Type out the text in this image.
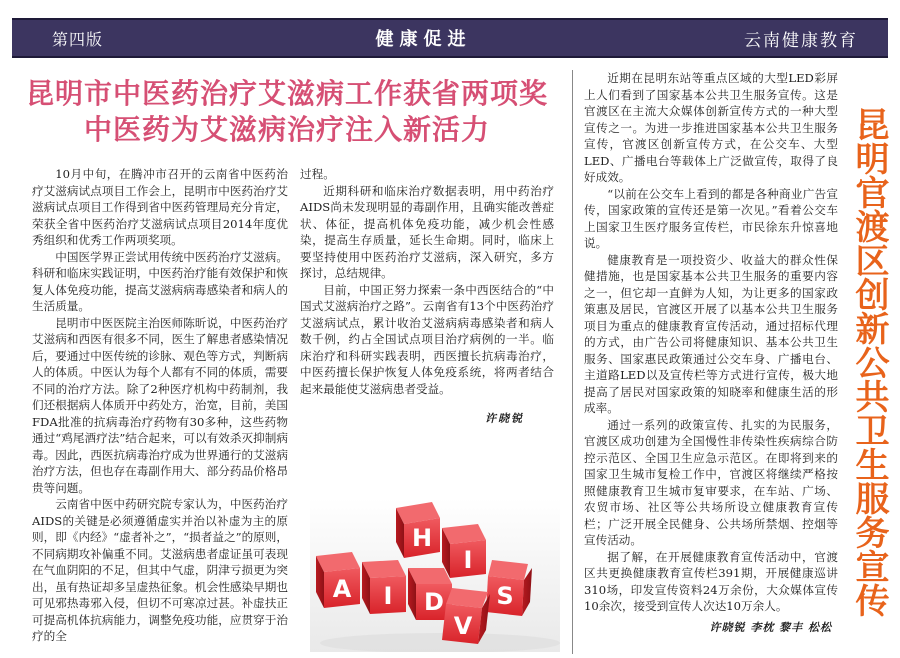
第四版	健康促进	云南健康教育
昆明市中医药治疗艾滋病工作获省两项奖
中医药为艾滋病治疗注入新活力

10月中旬，在腾冲市召开的云南省中医药治疗艾滋病试点项目工作会上，昆明市中医药治疗艾滋病试点项目工作得到省中医药管理局充分肯定，荣获全省中医药治疗艾滋病试点项目2014年度优秀组织和优秀工作两项奖项。

中国医学界正尝试用传统中医药治疗艾滋病。科研和临床实践证明，中医药治疗能有效保护和恢复人体免疫功能，提高艾滋病病毒感染者和病人的生活质量。

昆明市中医医院主治医师陈昕说，中医药治疗艾滋病和西医有很多不同，医生了解患者感染情况后，要通过中医传统的诊脉、观色等方式，判断病人的体质。中医认为每个人都有不同的体质，需要不同的治疗方法。除了2种医疗机构中药制剂，我们还根据病人体质开中药处方，治宽，目前，美国FDA批准的抗病毒治疗药物有30多种，这些药物通过“鸡尾酒疗法”结合起来，可以有效杀灭抑制病毒。因此，西医抗病毒治疗成为世界通行的艾滋病治疗方法，但也存在毒副作用大、部分药品价格昂贵等问题。

云南省中医中药研究院专家认为，中医药治疗AIDS的关键是必须遵循虚实并治以补虚为主的原则，即《内经》“虚者补之”，“损者益之”的原则，不同病期攻补偏重不同。艾滋病患者虚证虽可表现在气血阴阳的不足，但其中气虚，阴津亏损更为突出，虽有热证却多呈虚热征象。机会性感染早期也可见邪热毒邪入侵，但切不可寒凉过甚。补虚扶正可提高机体抗病能力，调整免疫功能，应贯穿于治疗的全

过程。

近期科研和临床治疗数据表明，用中药治疗AIDS尚未发现明显的毒副作用，且确实能改善症状、体征，提高机体免疫功能，减少机会性感染，提高生存质量，延长生命期。同时，临床上要坚持使用中医药治疗艾滋病，深入研究，多方探讨，总结规律。

目前，中国正努力探索一条中西医结合的“中国式艾滋病治疗之路”。云南省有13个中医药治疗艾滋病试点，累计收治艾滋病病毒感染者和病人数千例，约占全国试点项目治疗病例的一半。临床治疗和科研实践表明，西医擅长抗病毒治疗，中医药擅长保护恢复人体免疫系统，将两者结合起来最能使艾滋病患者受益。

许晓锐
H
I
A I D S
V

近期在昆明东站等重点区域的大型LED彩屏上人们看到了国家基本公共卫生服务宣传。这是官渡区在主流大众媒体创新宣传方式的一种大型宣传之一。为进一步推进国家基本公共卫生服务宣传，官渡区创新宣传方式，在公交车、大型LED、广播电台等载体上广泛做宣传，取得了良好成效。

“以前在公交车上看到的都是各种商业广告宣传，国家政策的宣传还是第一次见。”看着公交车上国家卫生医疗服务宣传栏，市民徐东升惊喜地说。

健康教育是一项投资少、收益大的群众性保健措施，也是国家基本公共卫生服务的重要内容之一，但它却一直鲜为人知，为让更多的国家政策惠及居民，官渡区开展了以基本公共卫生服务项目为重点的健康教育宣传活动，通过招标代理的方式，由广告公司将健康知识、基本公共卫生服务、国家惠民政策通过公交车身、广播电台、主道路LED以及宣传栏等方式进行宣传，极大地提高了居民对国家政策的知晓率和健康生活的形成率。

通过一系列的政策宣传、扎实的为民服务，官渡区成功创建为全国慢性非传染性疾病综合防控示范区、全国卫生应急示范区。在即将到来的国家卫生城市复检工作中，官渡区将继续严格按照健康教育卫生城市复审要求，在车站、广场、农贸市场、社区等公共场所设立健康教育宣传栏；广泛开展全民健身、公共场所禁烟、控烟等宣传活动。

据了解，在开展健康教育宣传活动中，官渡区共更换健康教育宣传栏391期，开展健康巡讲310场，印发宣传资料24万余份，大众媒体宣传10余次，接受到宣传人次达10万余人。

许晓锐 李枕 黎丰 松松
昆明官渡区创新公共卫生服务宣传
